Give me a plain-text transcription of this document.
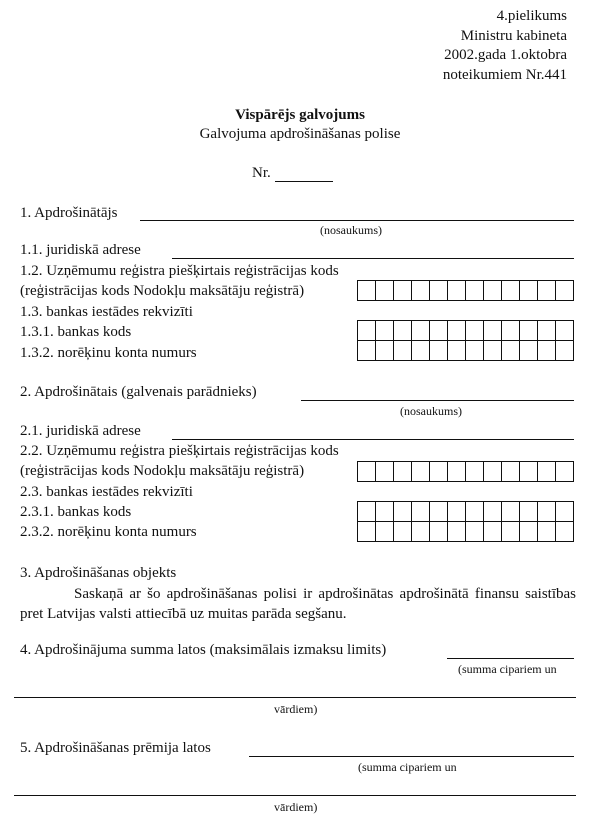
4.pielikums
Ministru kabineta
2002.gada 1.oktobra
noteikumiem Nr.441
Vispārējs galvojums
Galvojuma apdrošināšanas polise
Nr.
1. Apdrošinātājs
(nosaukums)
1.1. juridiskā adrese
1.2. Uzņēmumu reģistra piešķirtais reģistrācijas kods
(reģistrācijas kods Nodokļu maksātāju reģistrā)
1.3. bankas iestādes rekvizīti
1.3.1. bankas kods
1.3.2. norēķinu konta numurs
2. Apdrošinātais (galvenais parādnieks)
(nosaukums)
2.1. juridiskā adrese
2.2. Uzņēmumu reģistra piešķirtais reģistrācijas kods
(reģistrācijas kods Nodokļu maksātāju reģistrā)
2.3. bankas iestādes rekvizīti
2.3.1. bankas kods
2.3.2. norēķinu konta numurs
3. Apdrošināšanas objekts
Saskaņā ar šo apdrošināšanas polisi ir apdrošinātas apdrošinātā finansu saistības pret Latvijas valsti attiecībā uz muitas parāda segšanu.
4. Apdrošinājuma summa latos (maksimālais izmaksu limits)
(summa cipariem un
vārdiem)
5. Apdrošināšanas prēmija latos
(summa cipariem un
vārdiem)
